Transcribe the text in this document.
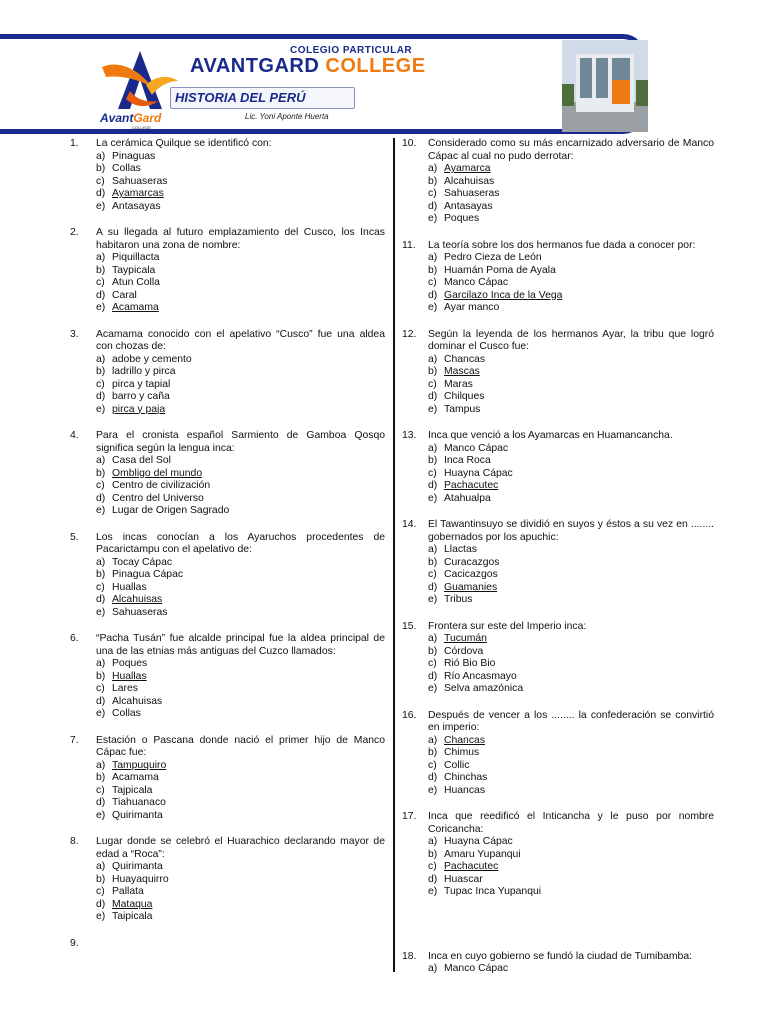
AvantGard
COLLEGE
COLEGIO PARTICULAR
AVANTGARD COLLEGE
HISTORIA DEL PERÚ
Lic. Yoni Aponte Huerta
1.	La cerámica Quilque se identificó con:
a) Pinaguas
b) Collas
c) Sahuaseras
d) Ayamarcas
e) Antasayas
2.	A su llegada al futuro emplazamiento del Cusco, los Incas habitaron una zona de nombre:
a) Piquillacta
b) Taypicala
c) Atun Colla
d) Caral
e) Acamama
3.	Acamama conocido con el apelativo “Cusco” fue una aldea con chozas de:
a) adobe y cemento
b) ladrillo y pirca
c) pirca y tapial
d) barro y caña
e) pirca y paja
4.	Para el cronista español Sarmiento de Gamboa Qosqo significa según la lengua inca:
a) Casa del Sol
b) Ombligo del mundo
c) Centro de civilización
d) Centro del Universo
e) Lugar de Origen Sagrado
5.	Los incas conocían a los Ayaruchos procedentes de Pacarictampu con el apelativo de:
a) Tocay Cápac
b) Pinagua Cápac
c) Huallas
d) Alcahuisas
e) Sahuaseras
6.	“Pacha Tusán” fue alcalde principal fue la aldea principal de una de las etnias más antiguas del Cuzco llamados:
a) Poques
b) Huallas
c) Lares
d) Alcahuisas
e) Collas
7.	Estación o Pascana donde nació el primer hijo de Manco Cápac fue:
a) Tampuquiro
b) Acamama
c) Tajpicala
d) Tiahuanaco
e) Quirimanta
8.	Lugar donde se celebró el Huarachico declarando mayor de edad a “Roca”:
a) Quirimanta
b) Huayaquirro
c) Pallata
d) Mataqua
e) Taipicala
9.
10.	Considerado como su más encarnizado adversario de Manco Cápac al cual no pudo derrotar:
a) Ayamarca
b) Alcahuisas
c) Sahuaseras
d) Antasayas
e) Poques
11.	La teoría sobre los dos hermanos fue dada a conocer por:
a) Pedro Cieza de León
b) Huamán Poma de Ayala
c) Manco Cápac
d) Garcilazo Inca de la Vega
e) Ayar manco
12.	Según la leyenda de los hermanos Ayar, la tribu que logró dominar el Cusco fue:
a) Chancas
b) Mascas
c) Maras
d) Chilques
e) Tampus
13.	Inca que venció a los Ayamarcas en Huamancancha.
a) Manco Cápac
b) Inca Roca
c) Huayna Cápac
d) Pachacutec
e) Atahualpa
14.	El Tawantinsuyo se dividió en suyos y éstos a su vez en ........ gobernados por los apuchic:
a) Llactas
b) Curacazgos
c) Cacicazgos
d) Guamanies
e) Tribus
15.	Frontera sur este del Imperio inca:
a) Tucumán
b) Córdova
c) Rió Bio Bio
d) Río Ancasmayo
e) Selva amazónica
16.	Después de vencer a los ........ la confederación se convirtió en imperio:
a) Chancas
b) Chimus
c) Collic
d) Chinchas
e) Huancas
17.	Inca que reedificó el Inticancha y le puso por nombre Coricancha:
a) Huayna Cápac
b) Amaru Yupanqui
c) Pachacutec
d) Huascar
e) Tupac Inca Yupanqui
18.	Inca en cuyo gobierno se fundó la ciudad de Tumibamba:
a) Manco Cápac
